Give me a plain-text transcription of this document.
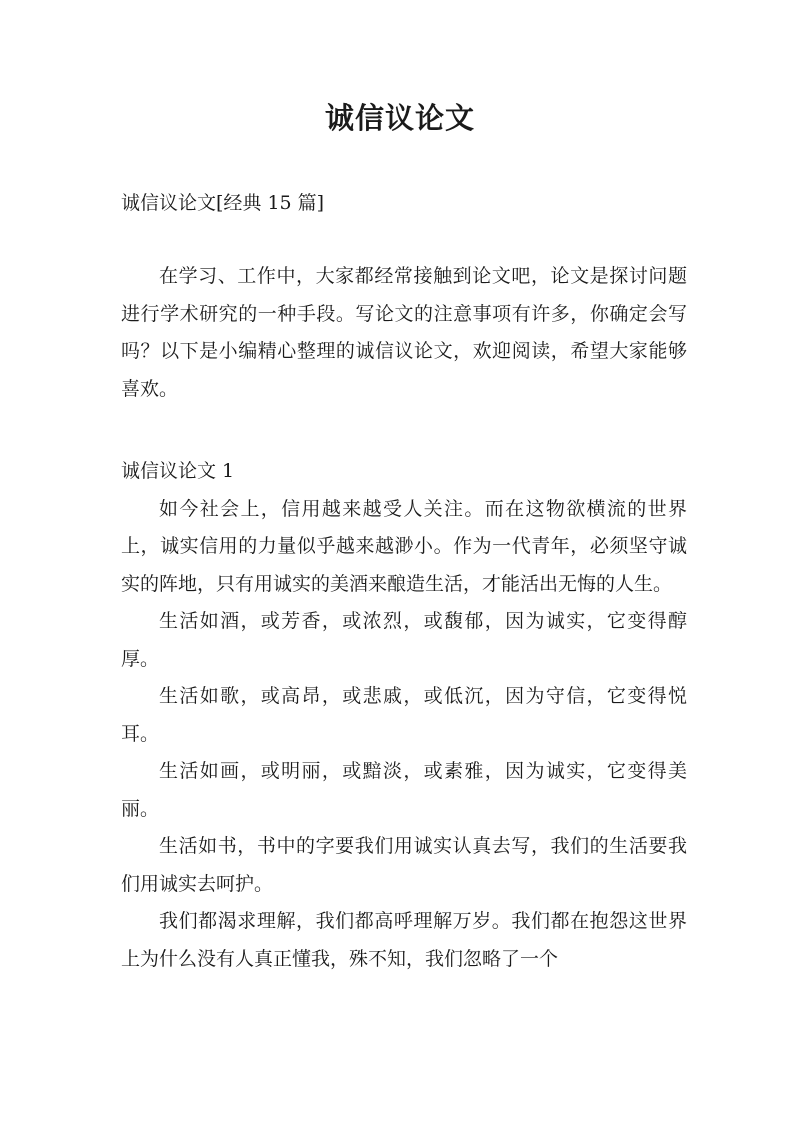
诚信议论文
诚信议论文[经典 15 篇]

在学习、工作中，大家都经常接触到论文吧，论文是探讨问题进行学术研究的一种手段。写论文的注意事项有许多，你确定会写吗？以下是小编精心整理的诚信议论文，欢迎阅读，希望大家能够喜欢。

诚信议论文 1

如今社会上，信用越来越受人关注。而在这物欲横流的世界上，诚实信用的力量似乎越来越渺小。作为一代青年，必须坚守诚实的阵地，只有用诚实的美酒来酿造生活，才能活出无悔的人生。

生活如酒，或芳香，或浓烈，或馥郁，因为诚实，它变得醇厚。

生活如歌，或高昂，或悲戚，或低沉，因为守信，它变得悦耳。

生活如画，或明丽，或黯淡，或素雅，因为诚实，它变得美丽。

生活如书，书中的字要我们用诚实认真去写，我们的生活要我们用诚实去呵护。

我们都渴求理解，我们都高呼理解万岁。我们都在抱怨这世界上为什么没有人真正懂我，殊不知，我们忽略了一个
